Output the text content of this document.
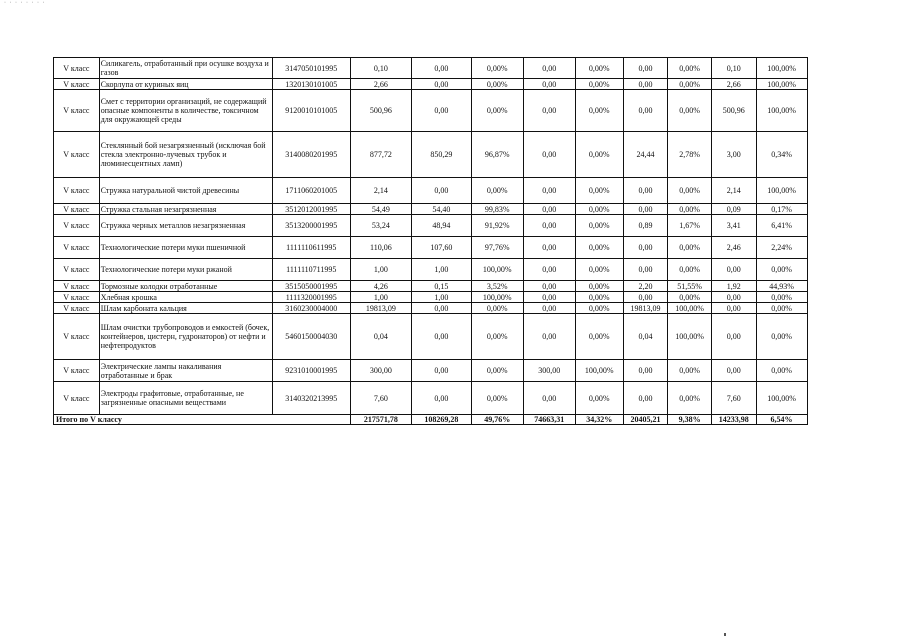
· · · · · · · ·
V класс	Силикагель, отработанный при осушке воздуха и газов	3147050101995	0,10	0,00	0,00%	0,00	0,00%	0,00	0,00%	0,10	100,00%
V класс	Скорлупа от куриных яиц	1320130101005	2,66	0,00	0,00%	0,00	0,00%	0,00	0,00%	2,66	100,00%
V класс	Смет с территории организаций, не содержащий опасные компоненты в количестве, токсичном для окружающей среды	9120010101005	500,96	0,00	0,00%	0,00	0,00%	0,00	0,00%	500,96	100,00%
V класс	Стеклянный бой незагрязненный (исключая бой стекла электронно-лучевых трубок и люминесцентных ламп)	3140080201995	877,72	850,29	96,87%	0,00	0,00%	24,44	2,78%	3,00	0,34%
V класс	Стружка натуральной чистой древесины	1711060201005	2,14	0,00	0,00%	0,00	0,00%	0,00	0,00%	2,14	100,00%
V класс	Стружка стальная незагрязненная	3512012001995	54,49	54,40	99,83%	0,00	0,00%	0,00	0,00%	0,09	0,17%
V класс	Стружка черных металлов незагрязненная	3513200001995	53,24	48,94	91,92%	0,00	0,00%	0,89	1,67%	3,41	6,41%
V класс	Технологические потери муки пшеничной	1111110611995	110,06	107,60	97,76%	0,00	0,00%	0,00	0,00%	2,46	2,24%
V класс	Технологические потери муки ржаной	1111110711995	1,00	1,00	100,00%	0,00	0,00%	0,00	0,00%	0,00	0,00%
V класс	Тормозные колодки отработанные	3515050001995	4,26	0,15	3,52%	0,00	0,00%	2,20	51,55%	1,92	44,93%
V класс	Хлебная крошка	1111320001995	1,00	1,00	100,00%	0,00	0,00%	0,00	0,00%	0,00	0,00%
V класс	Шлам карбоната кальция	3160230004000	19813,09	0,00	0,00%	0,00	0,00%	19813,09	100,00%	0,00	0,00%
V класс	Шлам очистки трубопроводов и емкостей (бочек, контейнеров, цистерн, гудронаторов) от нефти и нефтепродуктов	5460150004030	0,04	0,00	0,00%	0,00	0,00%	0,04	100,00%	0,00	0,00%
V класс	Электрические лампы накаливания отработанные и брак	9231010001995	300,00	0,00	0,00%	300,00	100,00%	0,00	0,00%	0,00	0,00%
V класс	Электроды графитовые, отработанные, не загрязненные опасными веществами	3140320213995	7,60	0,00	0,00%	0,00	0,00%	0,00	0,00%	7,60	100,00%
Итого по V классу			217571,78	108269,28	49,76%	74663,31	34,32%	20405,21	9,38%	14233,98	6,54%
